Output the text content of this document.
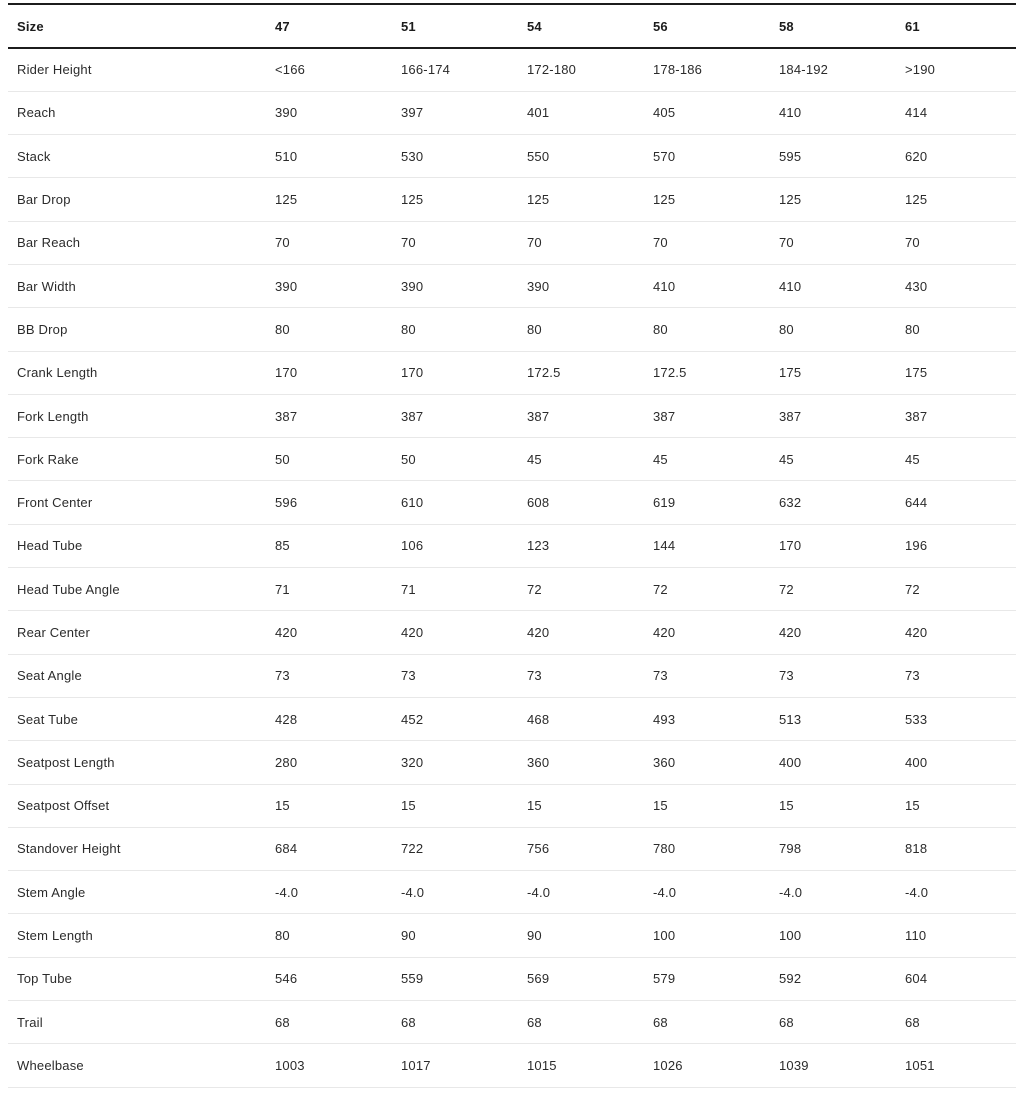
Size	47	51	54	56	58	61
Rider Height	<166	166-174	172-180	178-186	184-192	>190
Reach	390	397	401	405	410	414
Stack	510	530	550	570	595	620
Bar Drop	125	125	125	125	125	125
Bar Reach	70	70	70	70	70	70
Bar Width	390	390	390	410	410	430
BB Drop	80	80	80	80	80	80
Crank Length	170	170	172.5	172.5	175	175
Fork Length	387	387	387	387	387	387
Fork Rake	50	50	45	45	45	45
Front Center	596	610	608	619	632	644
Head Tube	85	106	123	144	170	196
Head Tube Angle	71	71	72	72	72	72
Rear Center	420	420	420	420	420	420
Seat Angle	73	73	73	73	73	73
Seat Tube	428	452	468	493	513	533
Seatpost Length	280	320	360	360	400	400
Seatpost Offset	15	15	15	15	15	15
Standover Height	684	722	756	780	798	818
Stem Angle	-4.0	-4.0	-4.0	-4.0	-4.0	-4.0
Stem Length	80	90	90	100	100	110
Top Tube	546	559	569	579	592	604
Trail	68	68	68	68	68	68
Wheelbase	1003	1017	1015	1026	1039	1051
